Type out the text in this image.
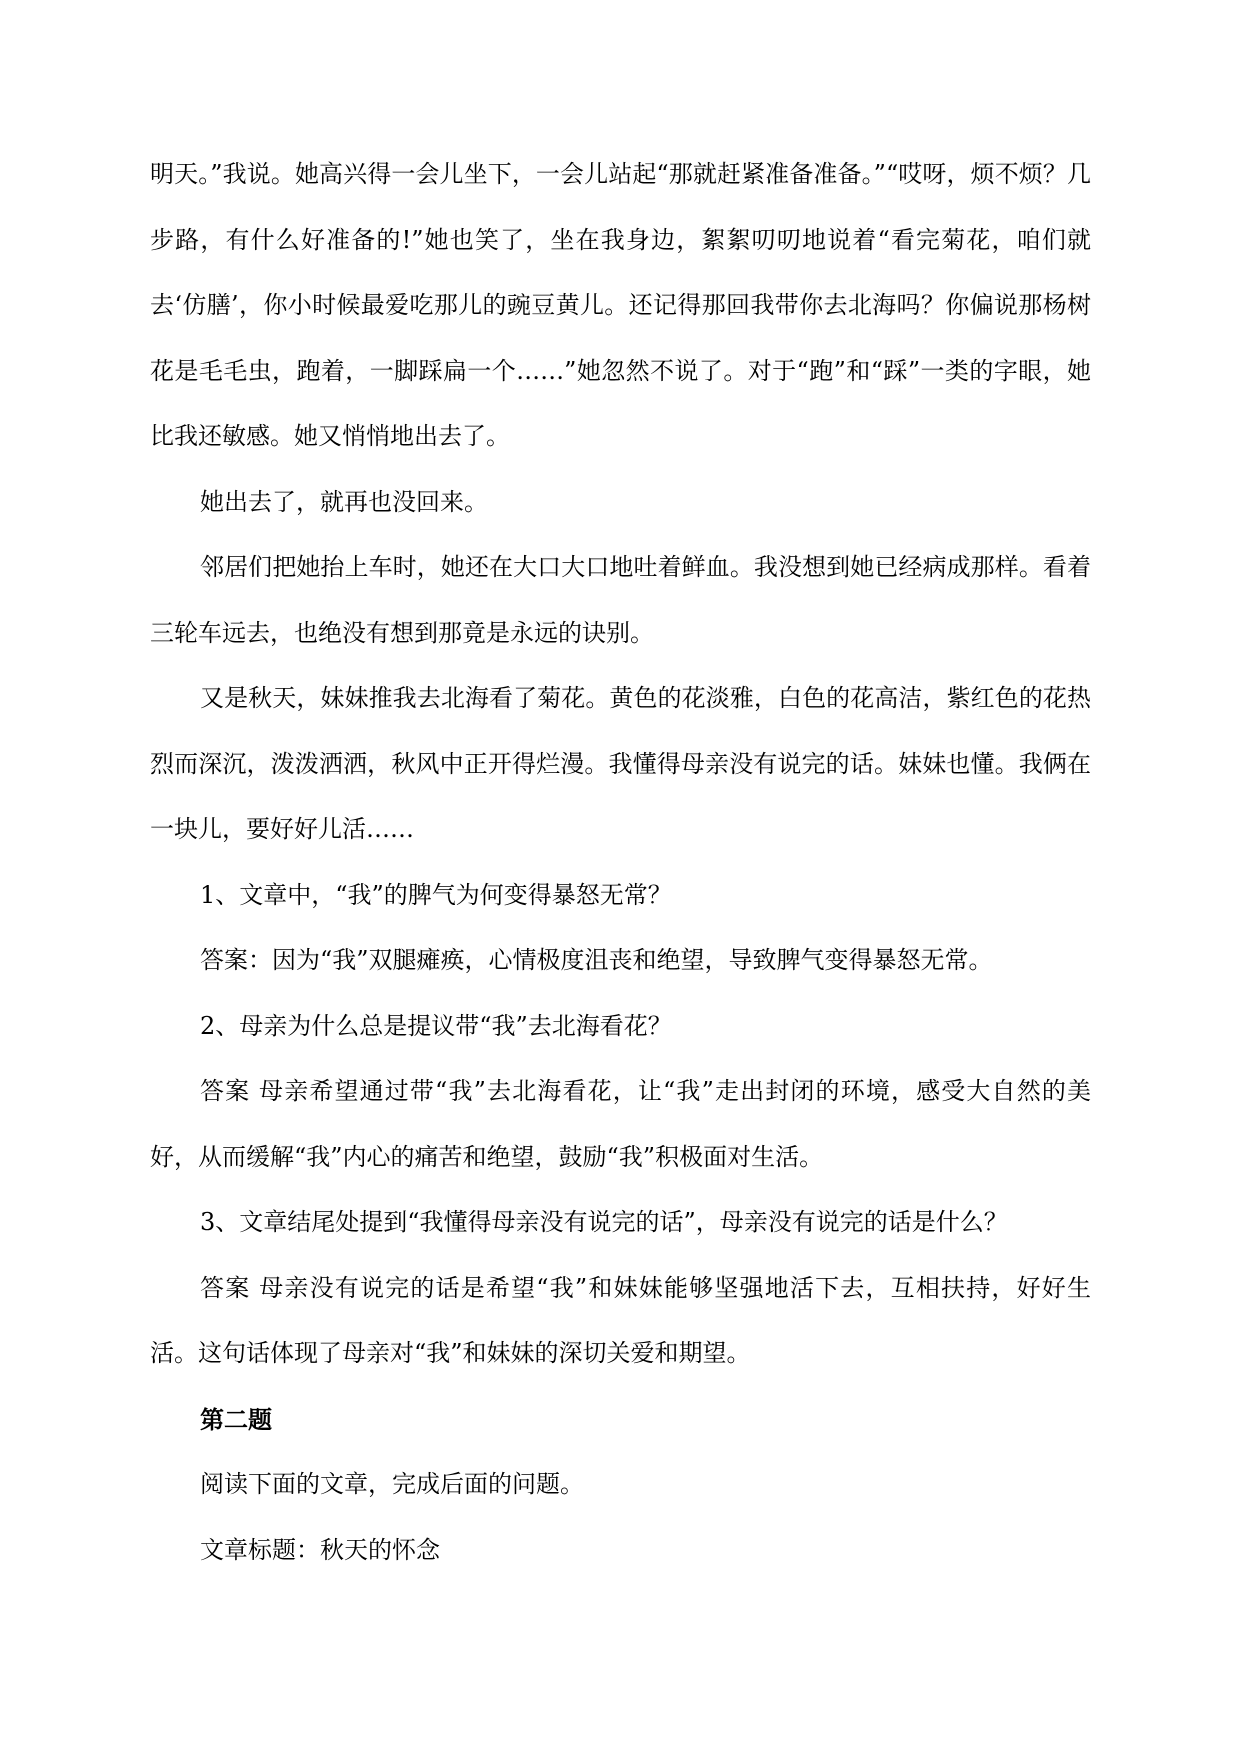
明天。”我说。她高兴得一会儿坐下，一会儿站起“那就赶紧准备准备。”“哎呀，烦不烦？几步路，有什么好准备的!”她也笑了，坐在我身边，絮絮叨叨地说着“看完菊花，咱们就去‘仿膳’，你小时候最爱吃那儿的豌豆黄儿。还记得那回我带你去北海吗？你偏说那杨树花是毛毛虫，跑着，一脚踩扁一个……”她忽然不说了。对于“跑”和“踩”一类的字眼，她比我还敏感。她又悄悄地出去了。

她出去了，就再也没回来。

邻居们把她抬上车时，她还在大口大口地吐着鲜血。我没想到她已经病成那样。看着三轮车远去，也绝没有想到那竟是永远的诀别。

又是秋天，妹妹推我去北海看了菊花。黄色的花淡雅，白色的花高洁，紫红色的花热烈而深沉，泼泼洒洒，秋风中正开得烂漫。我懂得母亲没有说完的话。妹妹也懂。我俩在一块儿，要好好儿活……

1、文章中，“我”的脾气为何变得暴怒无常？

答案：因为“我”双腿瘫痪，心情极度沮丧和绝望，导致脾气变得暴怒无常。

2、母亲为什么总是提议带“我”去北海看花？

答案 母亲希望通过带“我”去北海看花，让“我”走出封闭的环境，感受大自然的美好，从而缓解“我”内心的痛苦和绝望，鼓励“我”积极面对生活。

3、文章结尾处提到“我懂得母亲没有说完的话”，母亲没有说完的话是什么？

答案 母亲没有说完的话是希望“我”和妹妹能够坚强地活下去，互相扶持，好好生活。这句话体现了母亲对“我”和妹妹的深切关爱和期望。

第二题

阅读下面的文章，完成后面的问题。

文章标题：秋天的怀念
